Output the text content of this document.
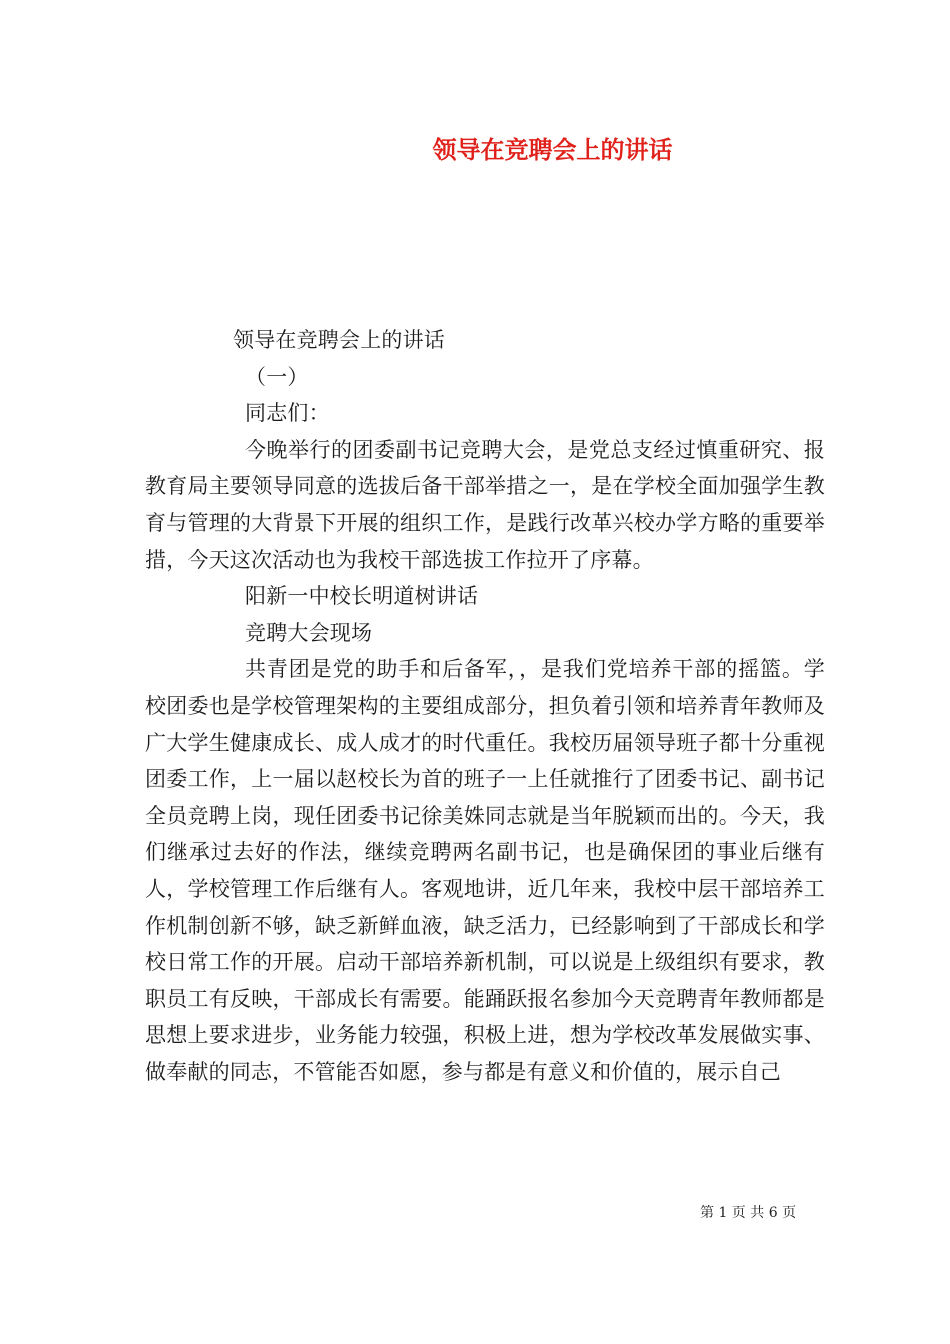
领导在竞聘会上的讲话

领导在竞聘会上的讲话

（一）

同志们：

今晚举行的团委副书记竞聘大会，是党总支经过慎重研究、报教育局主要领导同意的选拔后备干部举措之一，是在学校全面加强学生教育与管理的大背景下开展的组织工作，是践行改革兴校办学方略的重要举措，今天这次活动也为我校干部选拔工作拉开了序幕。

阳新一中校长明道树讲话

竞聘大会现场

共青团是党的助手和后备军，，是我们党培养干部的摇篮。学校团委也是学校管理架构的主要组成部分，担负着引领和培养青年教师及广大学生健康成长、成人成才的时代重任。我校历届领导班子都十分重视团委工作，上一届以赵校长为首的班子一上任就推行了团委书记、副书记全员竞聘上岗，现任团委书记徐美姝同志就是当年脱颖而出的。今天，我们继承过去好的作法，继续竞聘两名副书记，也是确保团的事业后继有人，学校管理工作后继有人。客观地讲，近几年来，我校中层干部培养工作机制创新不够，缺乏新鲜血液，缺乏活力，已经影响到了干部成长和学校日常工作的开展。启动干部培养新机制，可以说是上级组织有要求，教职员工有反映，干部成长有需要。能踊跃报名参加今天竞聘青年教师都是思想上要求进步，业务能力较强，积极上进，想为学校改革发展做实事、做奉献的同志，不管能否如愿，参与都是有意义和价值的，展示自己

第 1 页 共 6 页
